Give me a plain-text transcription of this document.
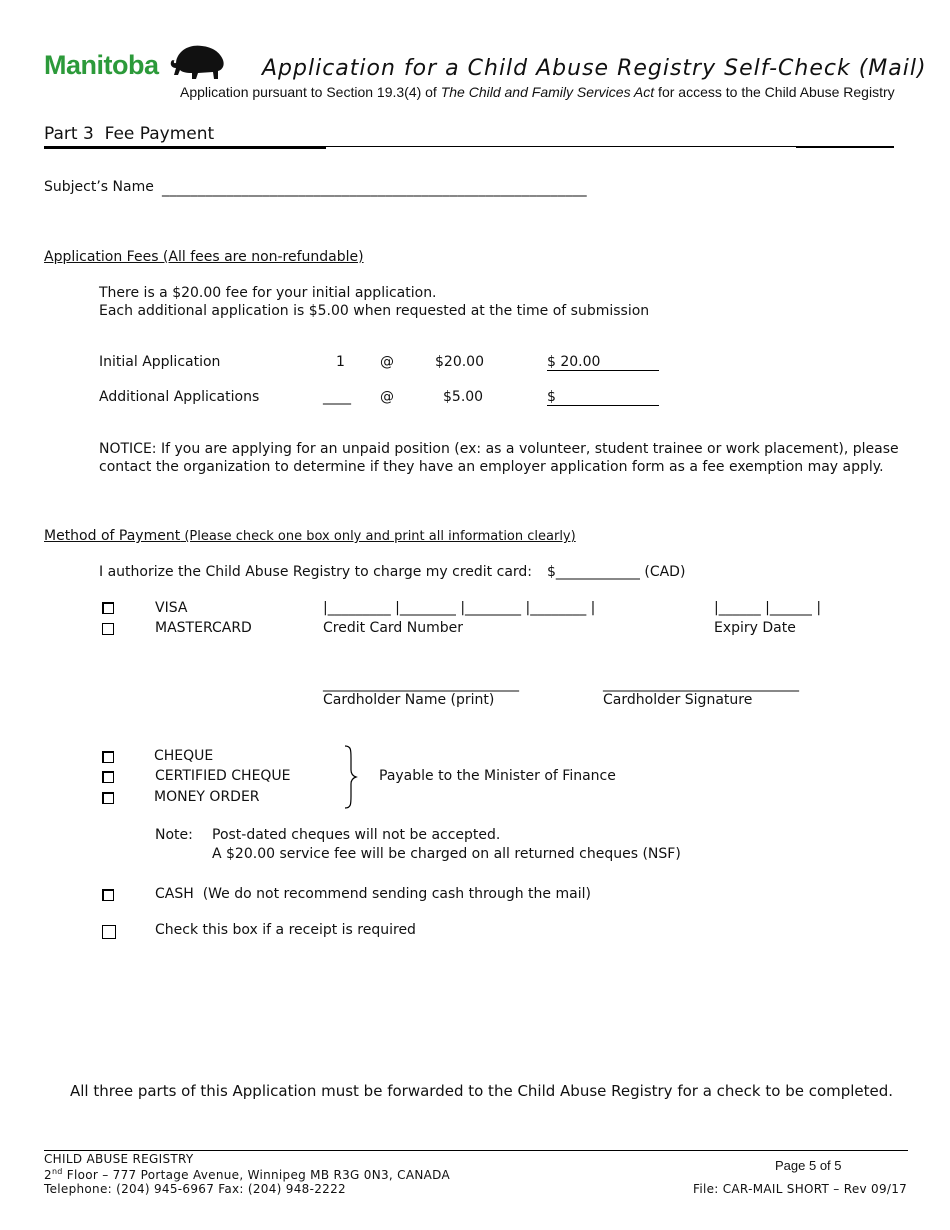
Manitoba	Application for a Child Abuse Registry Self-Check (Mail)
Application pursuant to Section 19.3(4) of The Child and Family Services Act for access to the Child Abuse Registry
Part 3 Fee Payment
Subject’s Name ___________________________________________________________
Application Fees (All fees are non-refundable)
There is a $20.00 fee for your initial application.
Each additional application is $5.00 when requested at the time of submission
Initial Application	1	@	$20.00	$ 20.00
Additional Applications	____ @	$5.00	$
NOTICE: If you are applying for an unpaid position (ex: as a volunteer, student trainee or work placement), please
contact the organization to determine if they have an employer application form as a fee exemption may apply.
Method of Payment (Please check one box only and print all information clearly)
I authorize the Child Abuse Registry to charge my credit card: $____________ (CAD)
VISA
MASTERCARD
|_________ |________ |________ |________ |
Credit Card Number
|______ |______ |
Expiry Date
____________________________
Cardholder Name (print)
____________________________
Cardholder Signature
CHEQUE
CERTIFIED CHEQUE
MONEY ORDER
Payable to the Minister of Finance
Note: Post-dated cheques will not be accepted.
A $20.00 service fee will be charged on all returned cheques (NSF)
CASH (We do not recommend sending cash through the mail)
Check this box if a receipt is required
All three parts of this Application must be forwarded to the Child Abuse Registry for a check to be completed.
CHILD ABUSE REGISTRY
2nd Floor – 777 Portage Avenue, Winnipeg MB R3G 0N3, CANADA
Telephone: (204) 945-6967 Fax: (204) 948-2222
Page 5 of 5
File: CAR-MAIL SHORT – Rev 09/17
